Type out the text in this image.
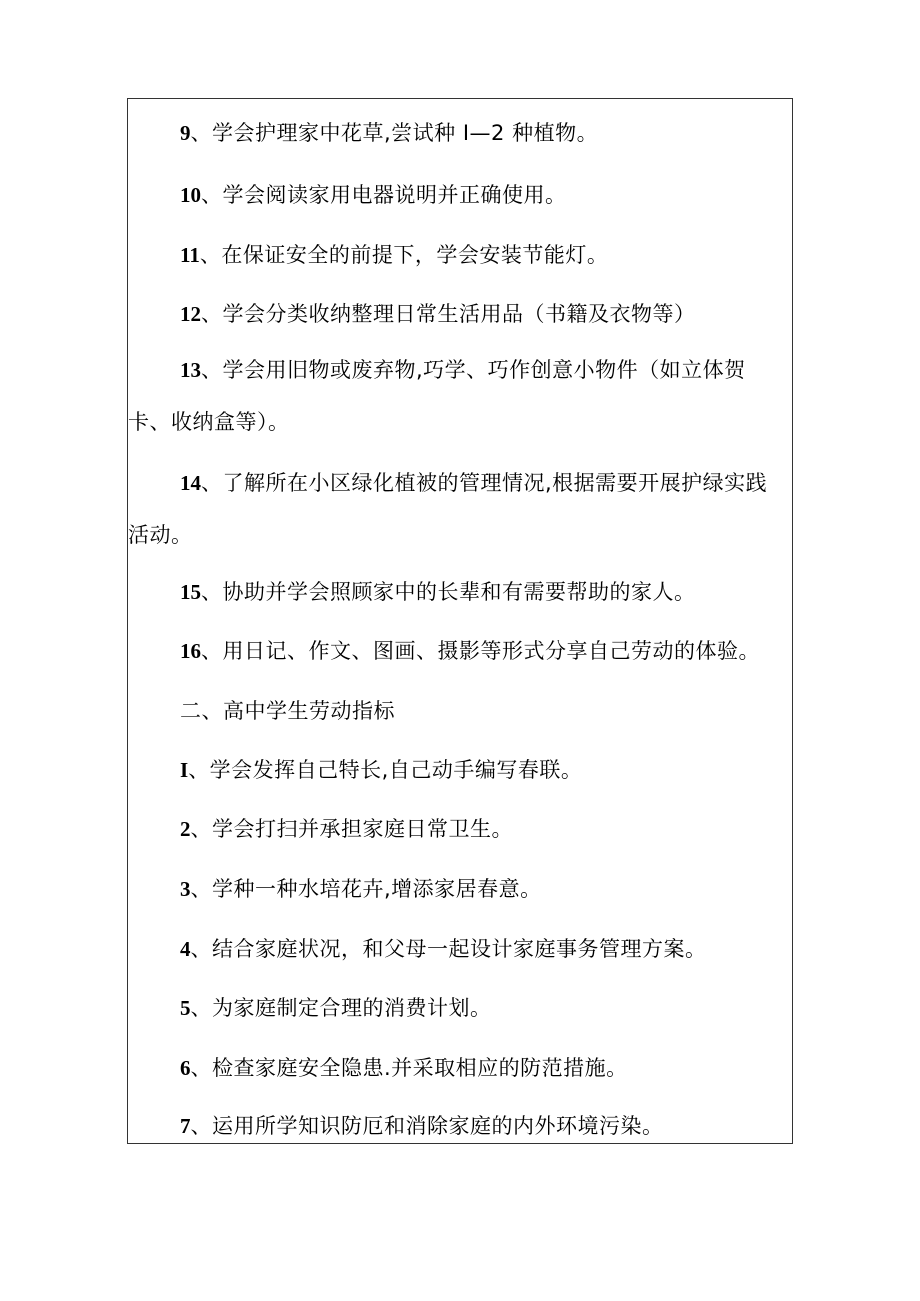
9、学会护理家中花草,尝试种 I—2 种植物。
10、学会阅读家用电器说明并正确使用。
11、在保证安全的前提下，学会安装节能灯。
12、学会分类收纳整理日常生活用品（书籍及衣物等）
13、学会用旧物或废弃物,巧学、巧作创意小物件（如立体贺卡、收纳盒等）。
14、了解所在小区绿化植被的管理情况,根据需要开展护绿实践活动。
15、协助并学会照顾家中的长辈和有需要帮助的家人。
16、用日记、作文、图画、摄影等形式分享自己劳动的体验。
二、高中学生劳动指标
I、学会发挥自己特长,自己动手编写春联。
2、学会打扫并承担家庭日常卫生。
3、学种一种水培花卉,增添家居春意。
4、结合家庭状况，和父母一起设计家庭事务管理方案。
5、为家庭制定合理的消费计划。
6、检查家庭安全隐患.并采取相应的防范措施。
7、运用所学知识防厄和消除家庭的内外环境污染。
